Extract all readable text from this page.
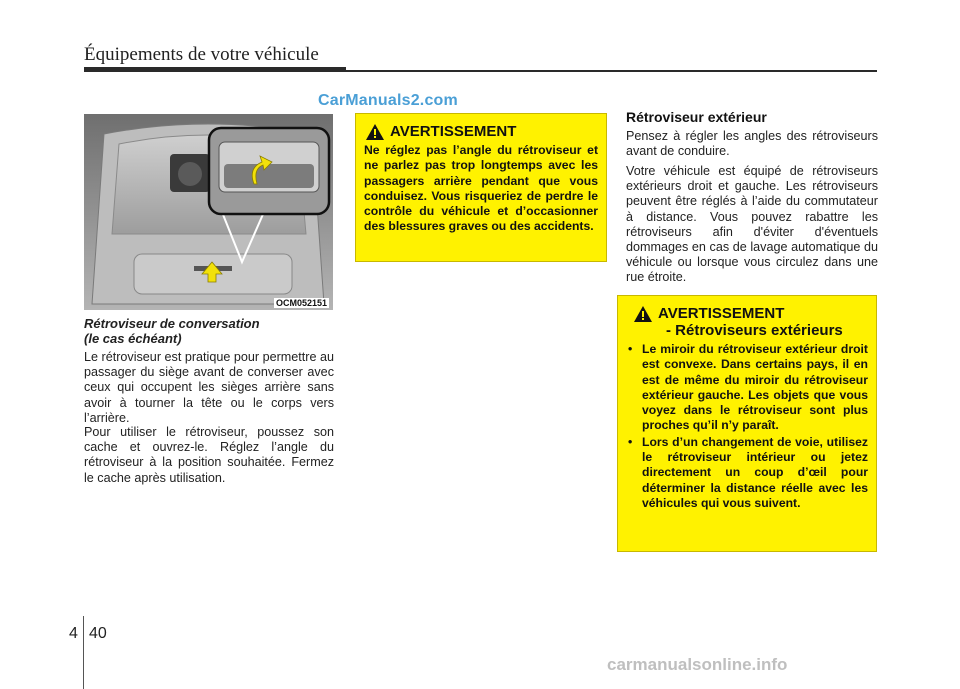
Équipements de votre véhicule
CarManuals2.com
OCM052151
Rétroviseur de conversation
(le cas échéant)
Le rétroviseur est pratique pour permettre au passager du siège avant de converser avec ceux qui occupent les sièges arrière sans avoir à tourner la tête ou le corps vers l’arrière.
Pour utiliser le rétroviseur, poussez son cache et ouvrez-le. Réglez l’angle du rétroviseur à la position souhaitée. Fermez le cache après utilisation.
AVERTISSEMENT
Ne réglez pas l’angle du rétroviseur et ne parlez pas trop longtemps avec les passagers arrière pendant que vous conduisez. Vous risqueriez de perdre le contrôle du véhicule et d’occasionner des blessures graves ou des accidents.
Rétroviseur extérieur
Pensez à régler les angles des rétroviseurs avant de conduire.
Votre véhicule est équipé de rétroviseurs extérieurs droit et gauche. Les rétroviseurs peuvent être réglés à l’aide du commutateur à distance. Vous pouvez rabattre les rétroviseurs afin d'éviter d'éventuels dommages en cas de lavage automatique du véhicule ou lorsque vous circulez dans une rue étroite.
AVERTISSEMENT
- Rétroviseurs extérieurs
• Le miroir du rétroviseur extérieur droit est convexe. Dans certains pays, il en est de même du miroir du rétroviseur extérieur gauche. Les objets que vous voyez dans le rétroviseur sont plus proches qu’il n’y paraît.
• Lors d’un changement de voie, utilisez le rétroviseur intérieur ou jetez directement un coup d’œil pour déterminer la distance réelle avec les véhicules qui vous suivent.
4 40
carmanualsonline.info
